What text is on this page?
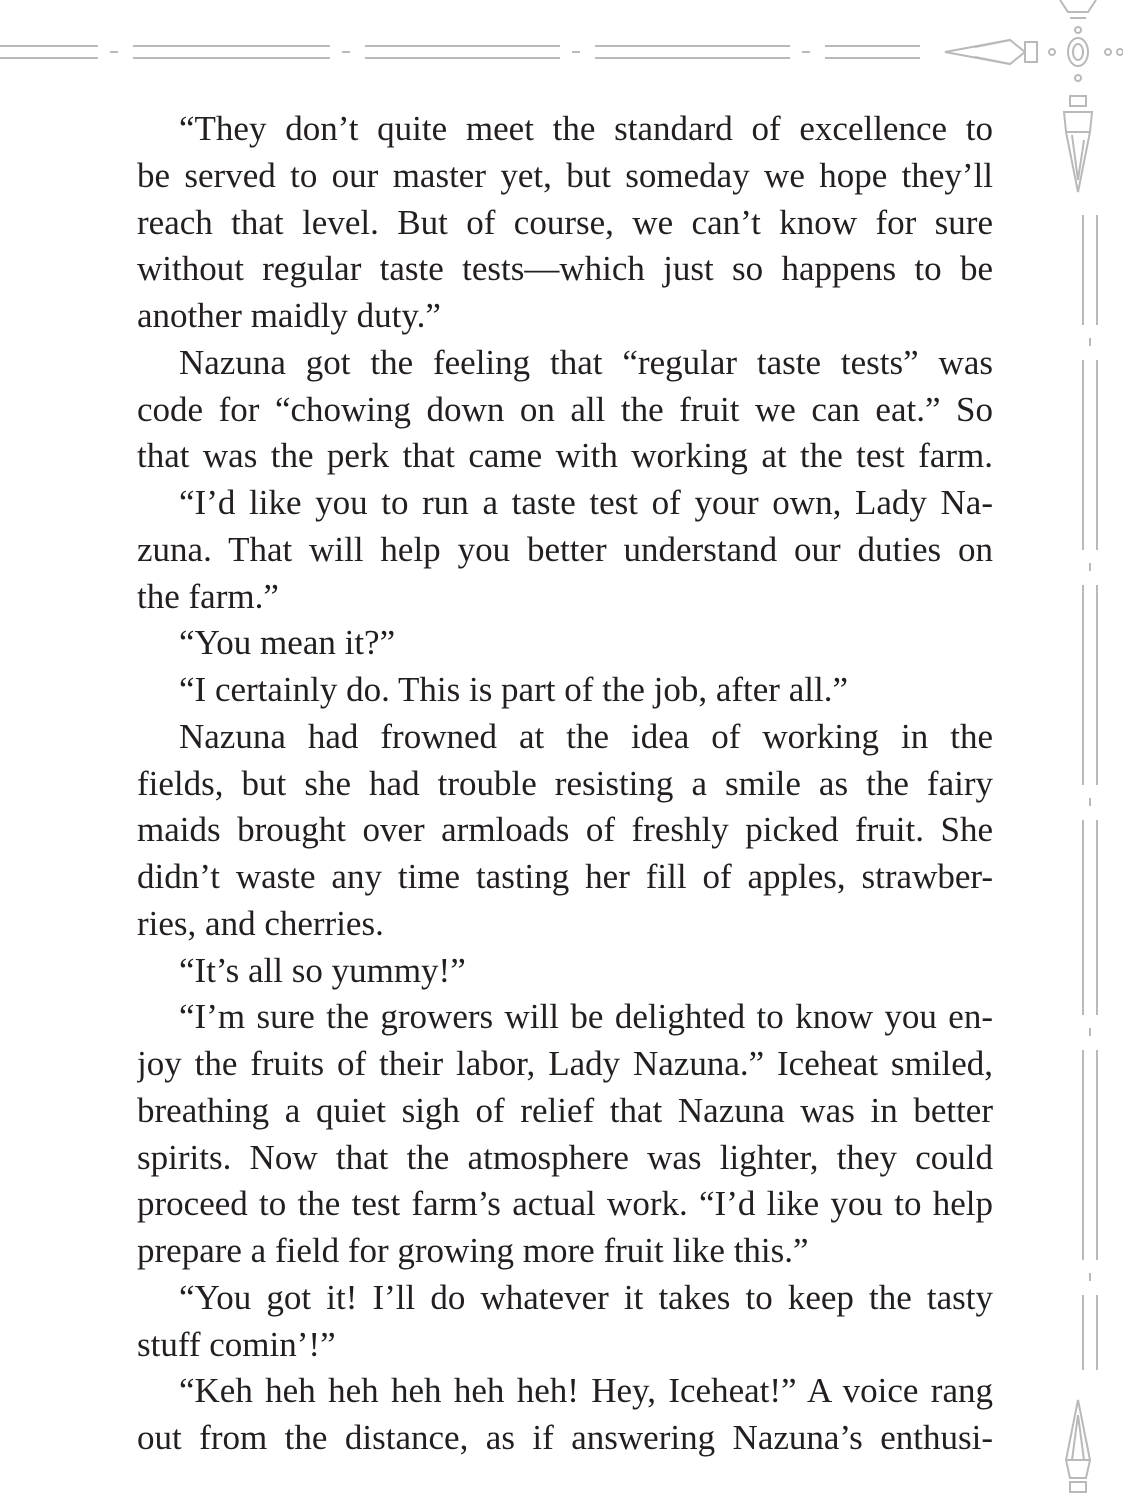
“They don’t quite meet the standard of excellence to
be served to our master yet, but someday we hope they’ll
reach that level. But of course, we can’t know for sure
without regular taste tests—which just so happens to be
another maidly duty.”
Nazuna got the feeling that “regular taste tests” was
code for “chowing down on all the fruit we can eat.” So
that was the perk that came with working at the test farm.
“I’d like you to run a taste test of your own, Lady Na-
zuna. That will help you better understand our duties on
the farm.”
“You mean it?”
“I certainly do. This is part of the job, after all.”
Nazuna had frowned at the idea of working in the
fields, but she had trouble resisting a smile as the fairy
maids brought over armloads of freshly picked fruit. She
didn’t waste any time tasting her fill of apples, strawber-
ries, and cherries.
“It’s all so yummy!”
“I’m sure the growers will be delighted to know you en-
joy the fruits of their labor, Lady Nazuna.” Iceheat smiled,
breathing a quiet sigh of relief that Nazuna was in better
spirits. Now that the atmosphere was lighter, they could
proceed to the test farm’s actual work. “I’d like you to help
prepare a field for growing more fruit like this.”
“You got it! I’ll do whatever it takes to keep the tasty
stuff comin’!”
“Keh heh heh heh heh heh! Hey, Iceheat!” A voice rang
out from the distance, as if answering Nazuna’s enthusi-
